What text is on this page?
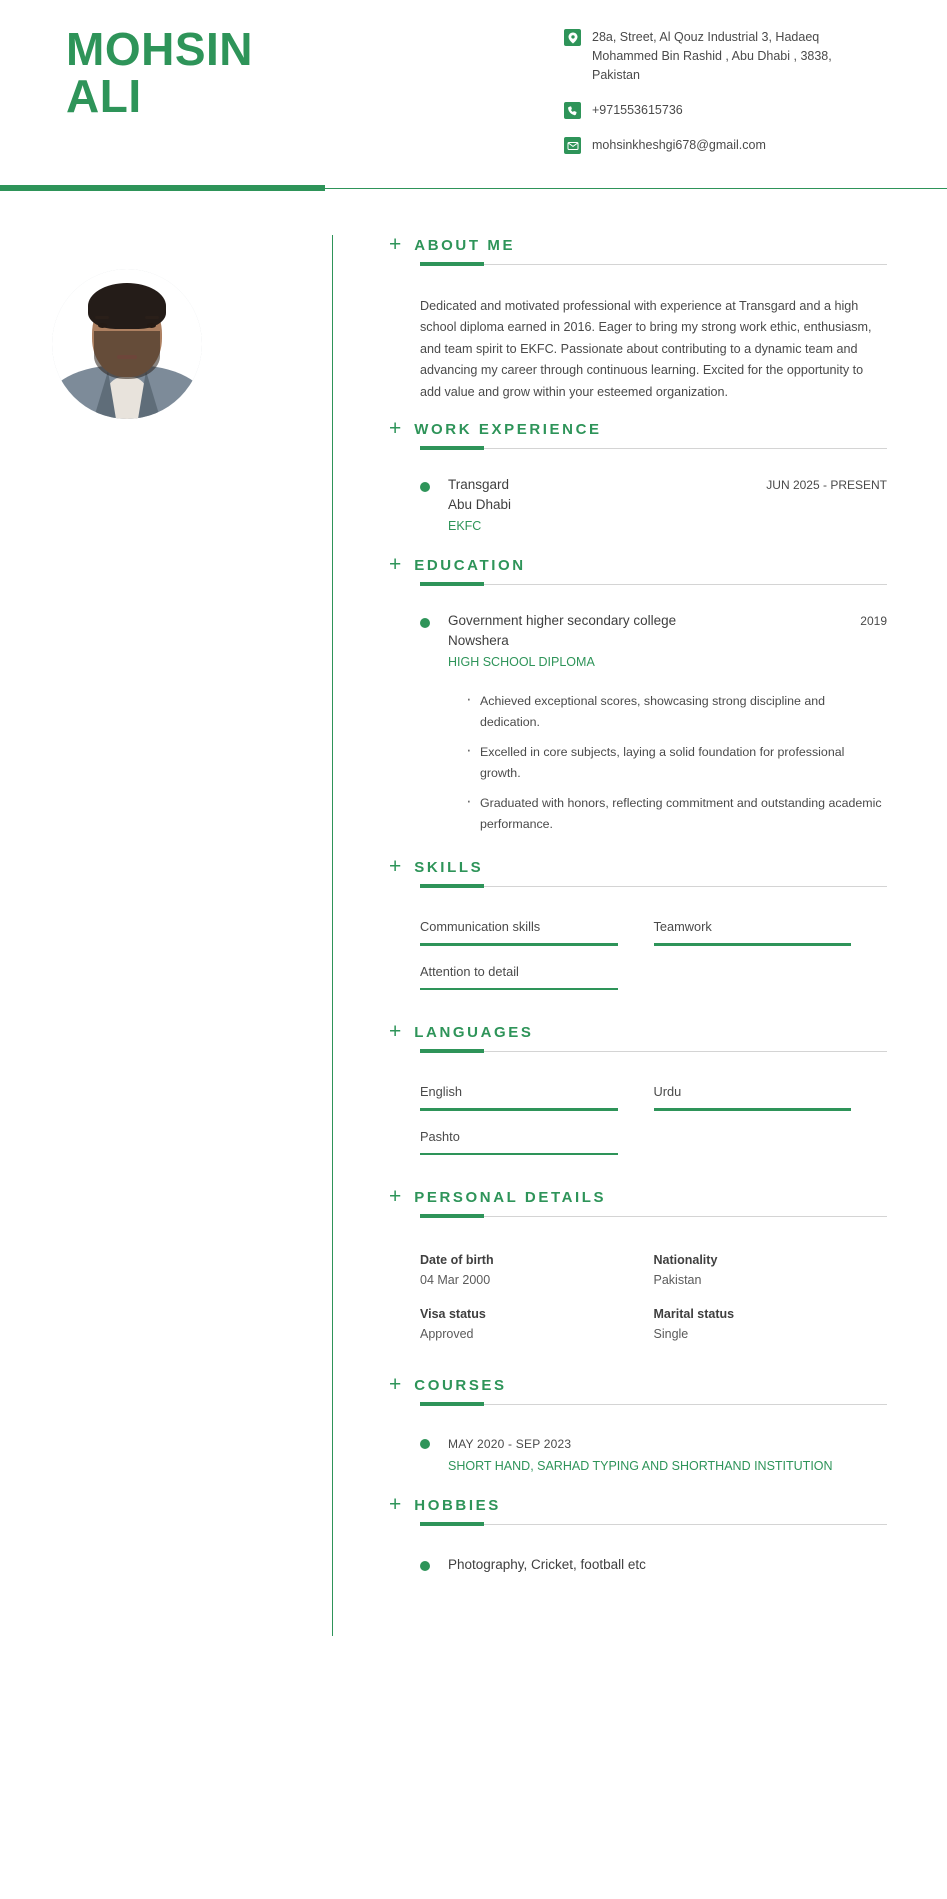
MOHSIN
ALI
28a, Street, Al Qouz Industrial 3, Hadaeq Mohammed Bin Rashid , Abu Dhabi , 3838, Pakistan
+971553615736
mohsinkheshgi678@gmail.com
+ ABOUT ME

Dedicated and motivated professional with experience at Transgard and a high school diploma earned in 2016. Eager to bring my strong work ethic, enthusiasm, and team spirit to EKFC. Passionate about contributing to a dynamic team and advancing my career through continuous learning. Excited for the opportunity to add value and grow within your esteemed organization.

+ WORK EXPERIENCE
Transgard	JUN 2025 - PRESENT
Abu Dhabi
EKFC
+ EDUCATION
Government higher secondary college	2019
Nowshera
HIGH SCHOOL DIPLOMA
· Achieved exceptional scores, showcasing strong discipline and dedication.
· Excelled in core subjects, laying a solid foundation for professional growth.
· Graduated with honors, reflecting commitment and outstanding academic performance.
+ SKILLS
Communication skills	Teamwork
Attention to detail
+ LANGUAGES
English	Urdu
Pashto
+ PERSONAL DETAILS
Date of birth
04 Mar 2000
Nationality
Pakistan
Visa status
Approved
Marital status
Single
+ COURSES
MAY 2020 - SEP 2023
SHORT HAND, SARHAD TYPING AND SHORTHAND INSTITUTION
+ HOBBIES
Photography, Cricket, football etc
